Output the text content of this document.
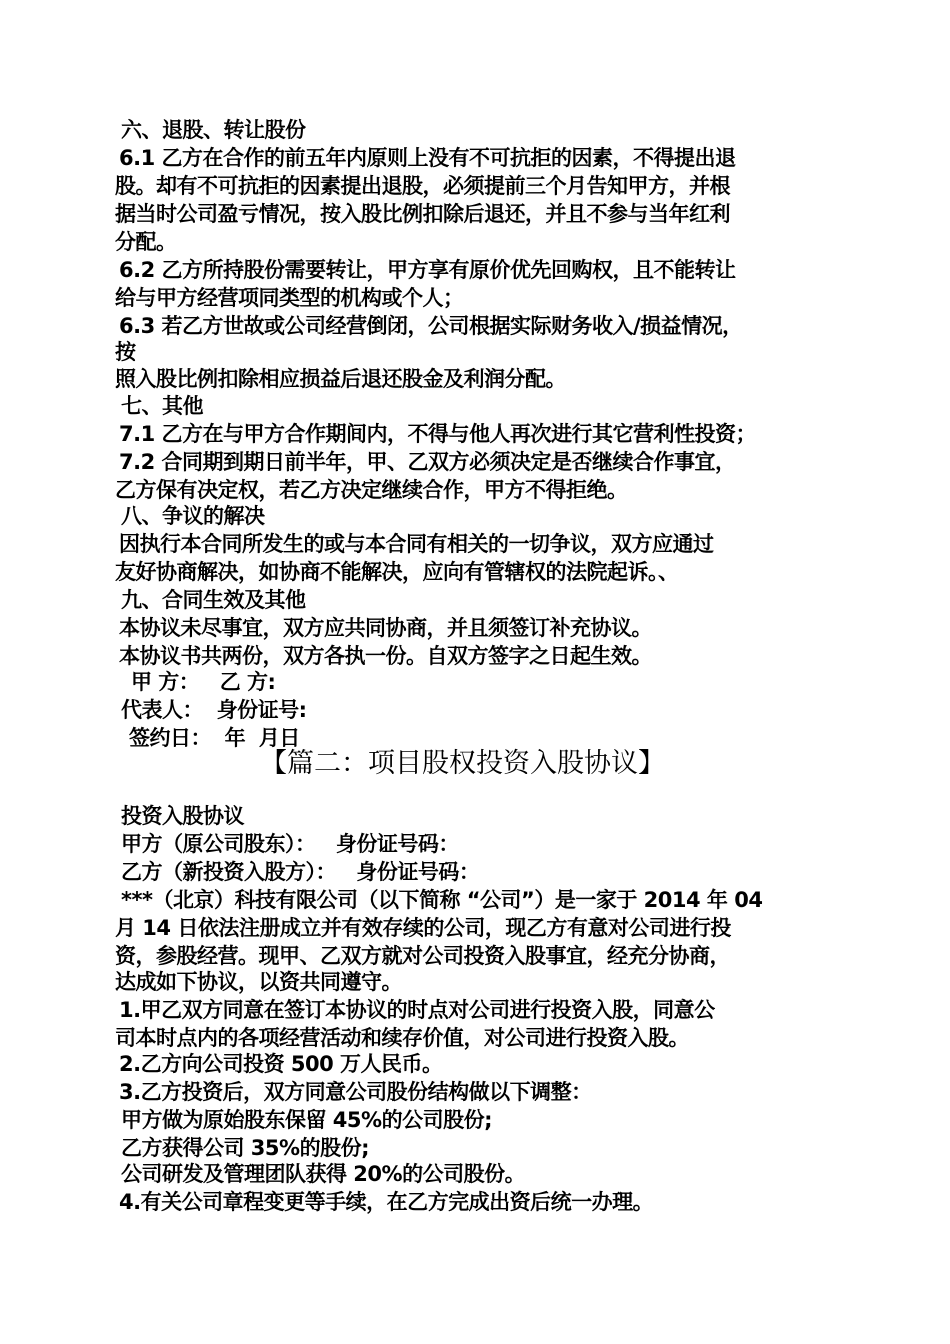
六、退股、转让股份
6.1 乙方在合作的前五年内原则上没有不可抗拒的因素，不得提出退
股。却有不可抗拒的因素提出退股，必须提前三个月告知甲方，并根
据当时公司盈亏情况，按入股比例扣除后退还，并且不参与当年红利
分配。
6.2 乙方所持股份需要转让，甲方享有原价优先回购权，且不能转让
给与甲方经营项同类型的机构或个人；
6.3 若乙方世故或公司经营倒闭，公司根据实际财务收入/损益情况，
按
照入股比例扣除相应损益后退还股金及利润分配。
七、其他
7.1 乙方在与甲方合作期间内，不得与他人再次进行其它营利性投资；
7.2 合同期到期日前半年，甲、乙双方必须决定是否继续合作事宜，
乙方保有决定权，若乙方决定继续合作，甲方不得拒绝。
八、争议的解决
因执行本合同所发生的或与本合同有相关的一切争议，双方应通过
友好协商解决，如协商不能解决，应向有管辖权的法院起诉。、
九、合同生效及其他
本协议未尽事宜，双方应共同协商，并且须签订补充协议。
本协议书共两份，双方各执一份。自双方签字之日起生效。
甲 方：   乙 方:
代表人：  身份证号:
签约日：  年  月日
【篇二：项目股权投资入股协议】
投资入股协议
甲方（原公司股东）：   身份证号码：
乙方（新投资入股方）：   身份证号码：
***（北京）科技有限公司（以下简称 “公司”）是一家于 2014 年 04
月 14 日依法注册成立并有效存续的公司，现乙方有意对公司进行投
资，参股经营。现甲、乙双方就对公司投资入股事宜，经充分协商，
达成如下协议，以资共同遵守。
1.甲乙双方同意在签订本协议的时点对公司进行投资入股，同意公
司本时点内的各项经营活动和续存价值，对公司进行投资入股。
2.乙方向公司投资 500 万人民币。
3.乙方投资后，双方同意公司股份结构做以下调整：
甲方做为原始股东保留 45%的公司股份;
乙方获得公司 35%的股份;
公司研发及管理团队获得 20%的公司股份。
4.有关公司章程变更等手续，在乙方完成出资后统一办理。
